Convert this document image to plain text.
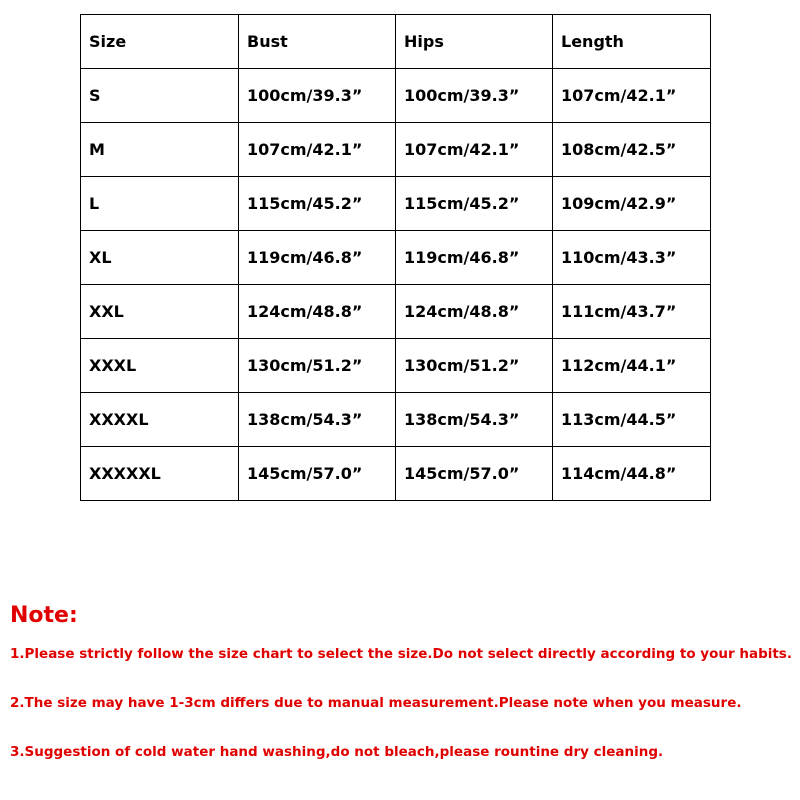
Size	Bust	Hips	Length
S	100cm/39.3”	100cm/39.3”	107cm/42.1”
M	107cm/42.1”	107cm/42.1”	108cm/42.5”
L	115cm/45.2”	115cm/45.2”	109cm/42.9”
XL	119cm/46.8”	119cm/46.8”	110cm/43.3”
XXL	124cm/48.8”	124cm/48.8”	111cm/43.7”
XXXL	130cm/51.2”	130cm/51.2”	112cm/44.1”
XXXXL	138cm/54.3”	138cm/54.3”	113cm/44.5”
XXXXXL	145cm/57.0”	145cm/57.0”	114cm/44.8”
Note:
1.Please strictly follow the size chart to select the size.Do not select directly according to your habits.
2.The size may have 1-3cm differs due to manual measurement.Please note when you measure.
3.Suggestion of cold water hand washing,do not bleach,please rountine dry cleaning.
